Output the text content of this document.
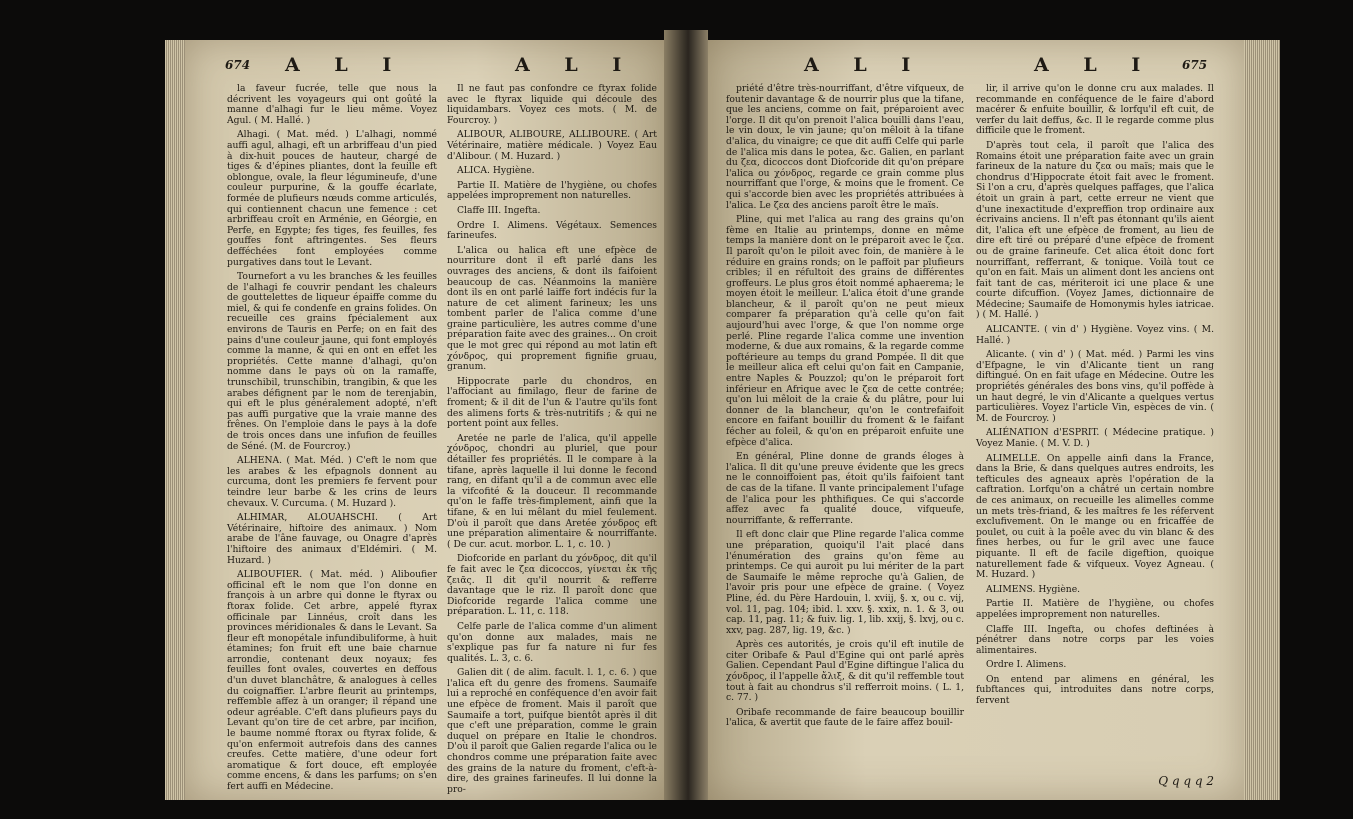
674 A L I	A L I

la faveur fucrée, telle que nous la décrivent les voyageurs qui ont goûté la manne d'alhagi fur le lieu même. Voyez Agul. ( M. Hallé. )

Alhagi. ( Mat. méd. ) L'alhagi, nommé auffi agul, alhagi, eft un arbriffeau d'un pied à dix-huit pouces de hauteur, chargé de tiges & d'épines pliantes, dont la feuille eft oblongue, ovale, la fleur légumineufe, d'une couleur purpurine, & la gouffe écarlate, formée de plufieurs nœuds comme articulés, qui contiennent chacun une femence : cet arbriffeau croît en Arménie, en Géorgie, en Perfe, en Egypte; fes tiges, fes feuilles, fes gouffes font aftringentes. Ses fleurs defféchées font employées comme purgatives dans tout le Levant.

Tournefort a vu les branches & les feuilles de l'alhagi fe couvrir pendant les chaleurs de gouttelettes de liqueur épaiffe comme du miel, & qui fe condenfe en grains folides. On recueille ces grains fpécialement aux environs de Tauris en Perfe; on en fait des pains d'une couleur jaune, qui font employés comme la manne, & qui en ont en effet les propriétés. Cette manne d'alhagi, qu'on nomme dans le pays où on la ramaffe, trunschibil, trunschibin, trangibin, & que les arabes défignent par le nom de terenjabin, qui eft le plus généralement adopté, n'eft pas auffi purgative que la vraie manne des frênes. On l'emploie dans le pays à la dofe de trois onces dans une infufion de feuilles de Séné. (M. de Fourcroy.)

ALHENA. ( Mat. Méd. ) C'eft le nom que les arabes & les efpagnols donnent au curcuma, dont les premiers fe fervent pour teindre leur barbe & les crins de leurs chevaux. V. Curcuma. ( M. Huzard ).

ALHIMAR, ALOUAHSCHI. ( Art Vétérinaire, hiftoire des animaux. ) Nom arabe de l'âne fauvage, ou Onagre d'après l'hiftoire des animaux d'Eldémiri. ( M. Huzard. )

ALIBOUFIER. ( Mat. méd. ) Aliboufier officinal eft le nom que l'on donne en françois à un arbre qui donne le ftyrax ou ftorax folide. Cet arbre, appelé ftyrax officinale par Linnéus, croît dans les provinces méridionales & dans le Levant. Sa fleur eft monopétale infundibuliforme, à huit étamines; fon fruit eft une baie charnue arrondie, contenant deux noyaux; fes feuilles font ovales, couvertes en deffous d'un duvet blanchâtre, & analogues à celles du coignaffier. L'arbre fleurit au printemps, reffemble affez à un oranger; il répand une odeur agréable. C'eft dans plufieurs pays du Levant qu'on tire de cet arbre, par incifion, le baume nommé ftorax ou ftyrax folide, & qu'on enfermoit autrefois dans des cannes creufes. Cette matière, d'une odeur fort aromatique & fort douce, eft employée comme encens, & dans les parfums; on s'en fert auffi en Médecine.

Il ne faut pas confondre ce ftyrax folide avec le ftyrax liquide qui découle des liquidambars. Voyez ces mots. ( M. de Fourcroy. )

ALIBOUR, ALIBOURE, ALLIBOURE. ( Art Vétérinaire, matière médicale. ) Voyez Eau d'Alibour. ( M. Huzard. )

ALICA. Hygiène.

Partie II. Matière de l'hygiène, ou chofes appelées improprement non naturelles.

Claffe III. Ingefta.

Ordre I. Alimens. Végétaux. Semences farineufes.

L'alica ou halica eft une efpèce de nourriture dont il eft parlé dans les ouvrages des anciens, & dont ils faifoient beaucoup de cas. Néanmoins la manière dont ils en ont parlé laiffe fort indécis fur la nature de cet aliment farineux; les uns tombent parler de l'alica comme d'une graine particulière, les autres comme d'une préparation faite avec des graines... On croit que le mot grec qui répond au mot latin eft χόνδρος, qui proprement fignifie gruau, granum.

Hippocrate parle du chondros, en l'affociant au fimilago, fleur de farine de froment; & il dit de l'un & l'autre qu'ils font des alimens forts & très-nutritifs ; & qui ne portent point aux felles.

Aretée ne parle de l'alica, qu'il appelle χόνδρος, chondri au pluriel, que pour détailler fes propriétés. Il le compare à la tifane, après laquelle il lui donne le fecond rang, en difant qu'il a de commun avec elle la vifcofité & la douceur. Il recommande qu'on le faffe très-fimplement, ainfi que la tifane, & en lui mêlant du miel feulement. D'où il paroît que dans Aretée χόνδρος eft une préparation alimentaire & nourriffante. ( De cur. acut. morbor. L. 1, c. 10. )

Diofcoride en parlant du χόνδρος, dit qu'il fe fait avec le ζεα dicoccos, γίνεται ἐκ τῆς ζειᾶς. Il dit qu'il nourrit & refferre davantage que le riz. Il paroît donc que Diofcoride regarde l'alica comme une préparation. L. 11, c. 118.

Celfe parle de l'alica comme d'un aliment qu'on donne aux malades, mais ne s'explique pas fur fa nature ni fur fes qualités. L. 3, c. 6.

Galien dit ( de alim. facult. l. 1, c. 6. ) que l'alica eft du genre des fromens. Saumaife lui a reproché en conféquence d'en avoir fait une efpèce de froment. Mais il paroît que Saumaife a tort, puifque bientôt après il dit que c'eft une préparation, comme le grain duquel on prépare en Italie le chondros. D'où il paroît que Galien regarde l'alica ou le chondros comme une préparation faite avec des grains de la nature du froment, c'eft-à-dire, des graines farineufes. Il lui donne la pro-

A L I	A L I 675

priété d'être très-nourriffant, d'être vifqueux, de foutenir davantage & de nourrir plus que la tifane, que les anciens, comme on fait, préparoient avec l'orge. Il dit qu'on prenoit l'alica bouilli dans l'eau, le vin doux, le vin jaune; qu'on mêloit à la tifane d'alica, du vinaigre; ce que dit auffi Celfe qui parle de l'alica mis dans le potea, &c. Galien, en parlant du ζεα, dicoccos dont Diofcoride dit qu'on prépare l'alica ou χόνδρος, regarde ce grain comme plus nourriffant que l'orge, & moins que le froment. Ce qui s'accorde bien avec les propriétés attribuées à l'alica. Le ζεα des anciens paroît être le maïs.

Pline, qui met l'alica au rang des grains qu'on fème en Italie au printemps, donne en même temps la manière dont on le préparoit avec le ζεα. Il paroît qu'on le piloit avec foin, de manière à le réduire en grains ronds; on le paffoit par plufieurs cribles; il en réfultoit des grains de différentes groffeurs. Le plus gros étoit nommé aphaerema; le moyen étoit le meilleur. L'alica étoit d'une grande blancheur, & il paroît qu'on ne peut mieux comparer fa préparation qu'à celle qu'on fait aujourd'hui avec l'orge, & que l'on nomme orge perlé. Pline regarde l'alica comme une invention moderne, & due aux romains, & la regarde comme poftérieure au temps du grand Pompée. Il dit que le meilleur alica eft celui qu'on fait en Campanie, entre Naples & Pouzzol; qu'on le préparoit fort inférieur en Afrique avec le ζεα de cette contrée; qu'on lui mêloit de la craie & du plâtre, pour lui donner de la blancheur, qu'on le contrefaifoit encore en faifant bouillir du froment & le faifant fécher au foleil, & qu'on en préparoit enfuite une efpèce d'alica.

En général, Pline donne de grands éloges à l'alica. Il dit qu'une preuve évidente que les grecs ne le connoiffoient pas, étoit qu'ils faifoient tant de cas de la tifane. Il vante principalement l'ufage de l'alica pour les phthifiques. Ce qui s'accorde affez avec fa qualité douce, vifqueufe, nourriffante, & refferrante.

Il eft donc clair que Pline regarde l'alica comme une préparation, quoiqu'il l'ait placé dans l'énumération des grains qu'on fème au printemps. Ce qui auroit pu lui mériter de la part de Saumaife le même reproche qu'à Galien, de l'avoir pris pour une efpèce de graine. ( Voyez Pline, éd. du Père Hardouin, l. xviij, §. x, ou c. vij, vol. 11, pag. 104; ibid. l. xxv. §. xxix, n. 1. & 3, ou cap. 11, pag. 11; & fuiv. lig. 1, lib. xxij, §. lxvj, ou c. xxv, pag. 287, lig. 19, &c. )

Après ces autorités, je crois qu'il eft inutile de citer Oribafe & Paul d'Egine qui ont parlé après Galien. Cependant Paul d'Egine diftingue l'alica du χόνδρος, il l'appelle ἄλιξ, & dit qu'il reffemble tout tout à fait au chondrus s'il refferroit moins. ( L. 1, c. 77. )

Oribafe recommande de faire beaucoup bouillir l'alica, & avertit que faute de le faire affez bouil-

lir, il arrive qu'on le donne cru aux malades. Il recommande en conféquence de le faire d'abord macérer & enfuite bouillir, & lorfqu'il eft cuit, de verfer du lait deffus, &c. Il le regarde comme plus difficile que le froment.

D'après tout cela, il paroît que l'alica des Romains étoit une préparation faite avec un grain farineux de la nature du ζεα ou maïs; mais que le chondrus d'Hippocrate étoit fait avec le froment. Si l'on a cru, d'après quelques paffages, que l'alica étoit un grain à part, cette erreur ne vient que d'une inexactitude d'expreffion trop ordinaire aux écrivains anciens. Il n'eft pas étonnant qu'ils aient dit, l'alica eft une efpèce de froment, au lieu de dire eft tiré ou préparé d'une efpèce de froment ou de graine farineufe. Cet alica étoit donc fort nourriffant, refferrant, & tonique. Voilà tout ce qu'on en fait. Mais un aliment dont les anciens ont fait tant de cas, mériteroit ici une place & une courte difcuffion. (Voyez James, dictionnaire de Médecine; Saumaife de Homonymis hyles iatricae. ) ( M. Hallé. )

ALICANTE. ( vin d' ) Hygiène. Voyez vins. ( M. Hallé. )

Alicante. ( vin d' ) ( Mat. méd. ) Parmi les vins d'Efpagne, le vin d'Alicante tient un rang diftingué. On en fait ufage en Médecine. Outre les propriétés générales des bons vins, qu'il poffède à un haut degré, le vin d'Alicante a quelques vertus particulières. Voyez l'article Vin, espèces de vin. ( M. de Fourcroy. )

ALIÉNATION d'ESPRIT. ( Médecine pratique. ) Voyez Manie. ( M. V. D. )

ALIMELLE. On appelle ainfi dans la France, dans la Brie, & dans quelques autres endroits, les tefticules des agneaux après l'opération de la caftration. Lorfqu'on a châtré un certain nombre de ces animaux, on recueille les alimelles comme un mets très-friand, & les maîtres fe les réfervent exclufivement. On le mange ou en fricaffée de poulet, ou cuit à la poêle avec du vin blanc & des fines herbes, ou fur le gril avec une fauce piquante. Il eft de facile digeftion, quoique naturellement fade & vifqueux. Voyez Agneau. ( M. Huzard. )

ALIMENS. Hygiène.

Partie II. Matière de l'hygiène, ou chofes appelées improprement non naturelles.

Claffe III. Ingefta, ou chofes deftinées à pénétrer dans notre corps par les voies alimentaires.

Ordre I. Alimens.

On entend par alimens en général, les fubftances qui, introduites dans notre corps, fervent

Q q q q 2
